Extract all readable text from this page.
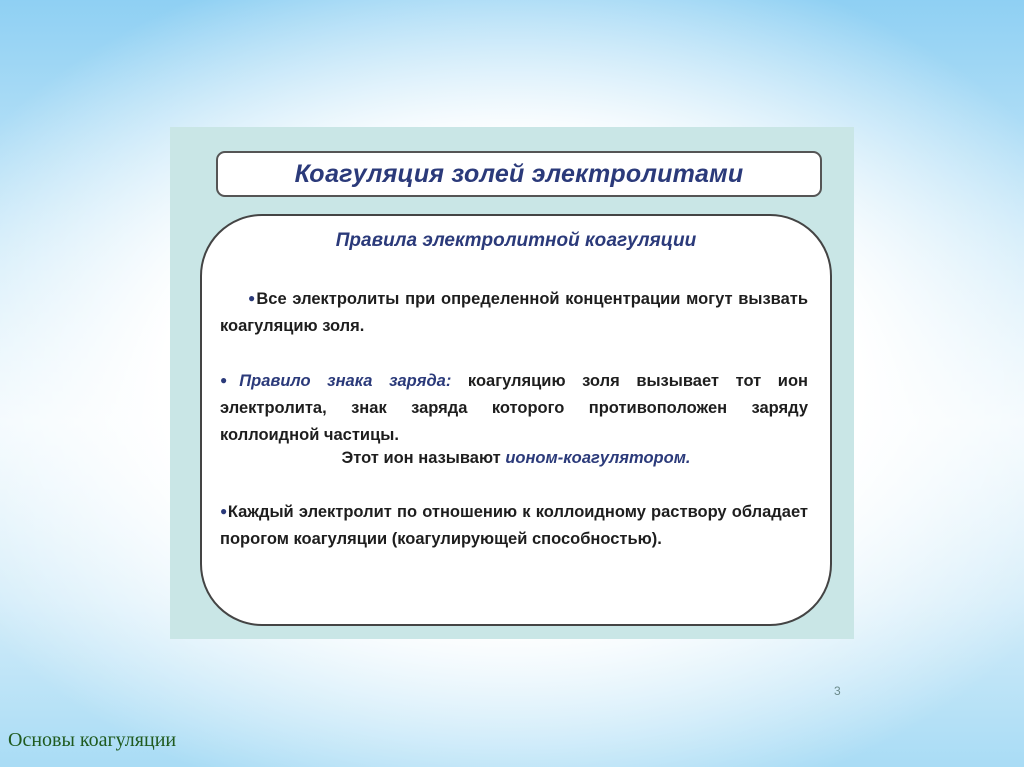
Коагуляция золей электролитами
Правила электролитной коагуляции
●Все электролиты при определенной концентрации могут вызвать коагуляцию золя.
●Правило знака заряда: коагуляцию золя вызывает тот ион электролита, знак заряда которого противоположен заряду коллоидной частицы.
Этот ион называют ионом-коагулятором.
●Каждый электролит по отношению к коллоидному раствору обладает порогом коагуляции (коагулирующей способностью).
3
Основы коагуляции
